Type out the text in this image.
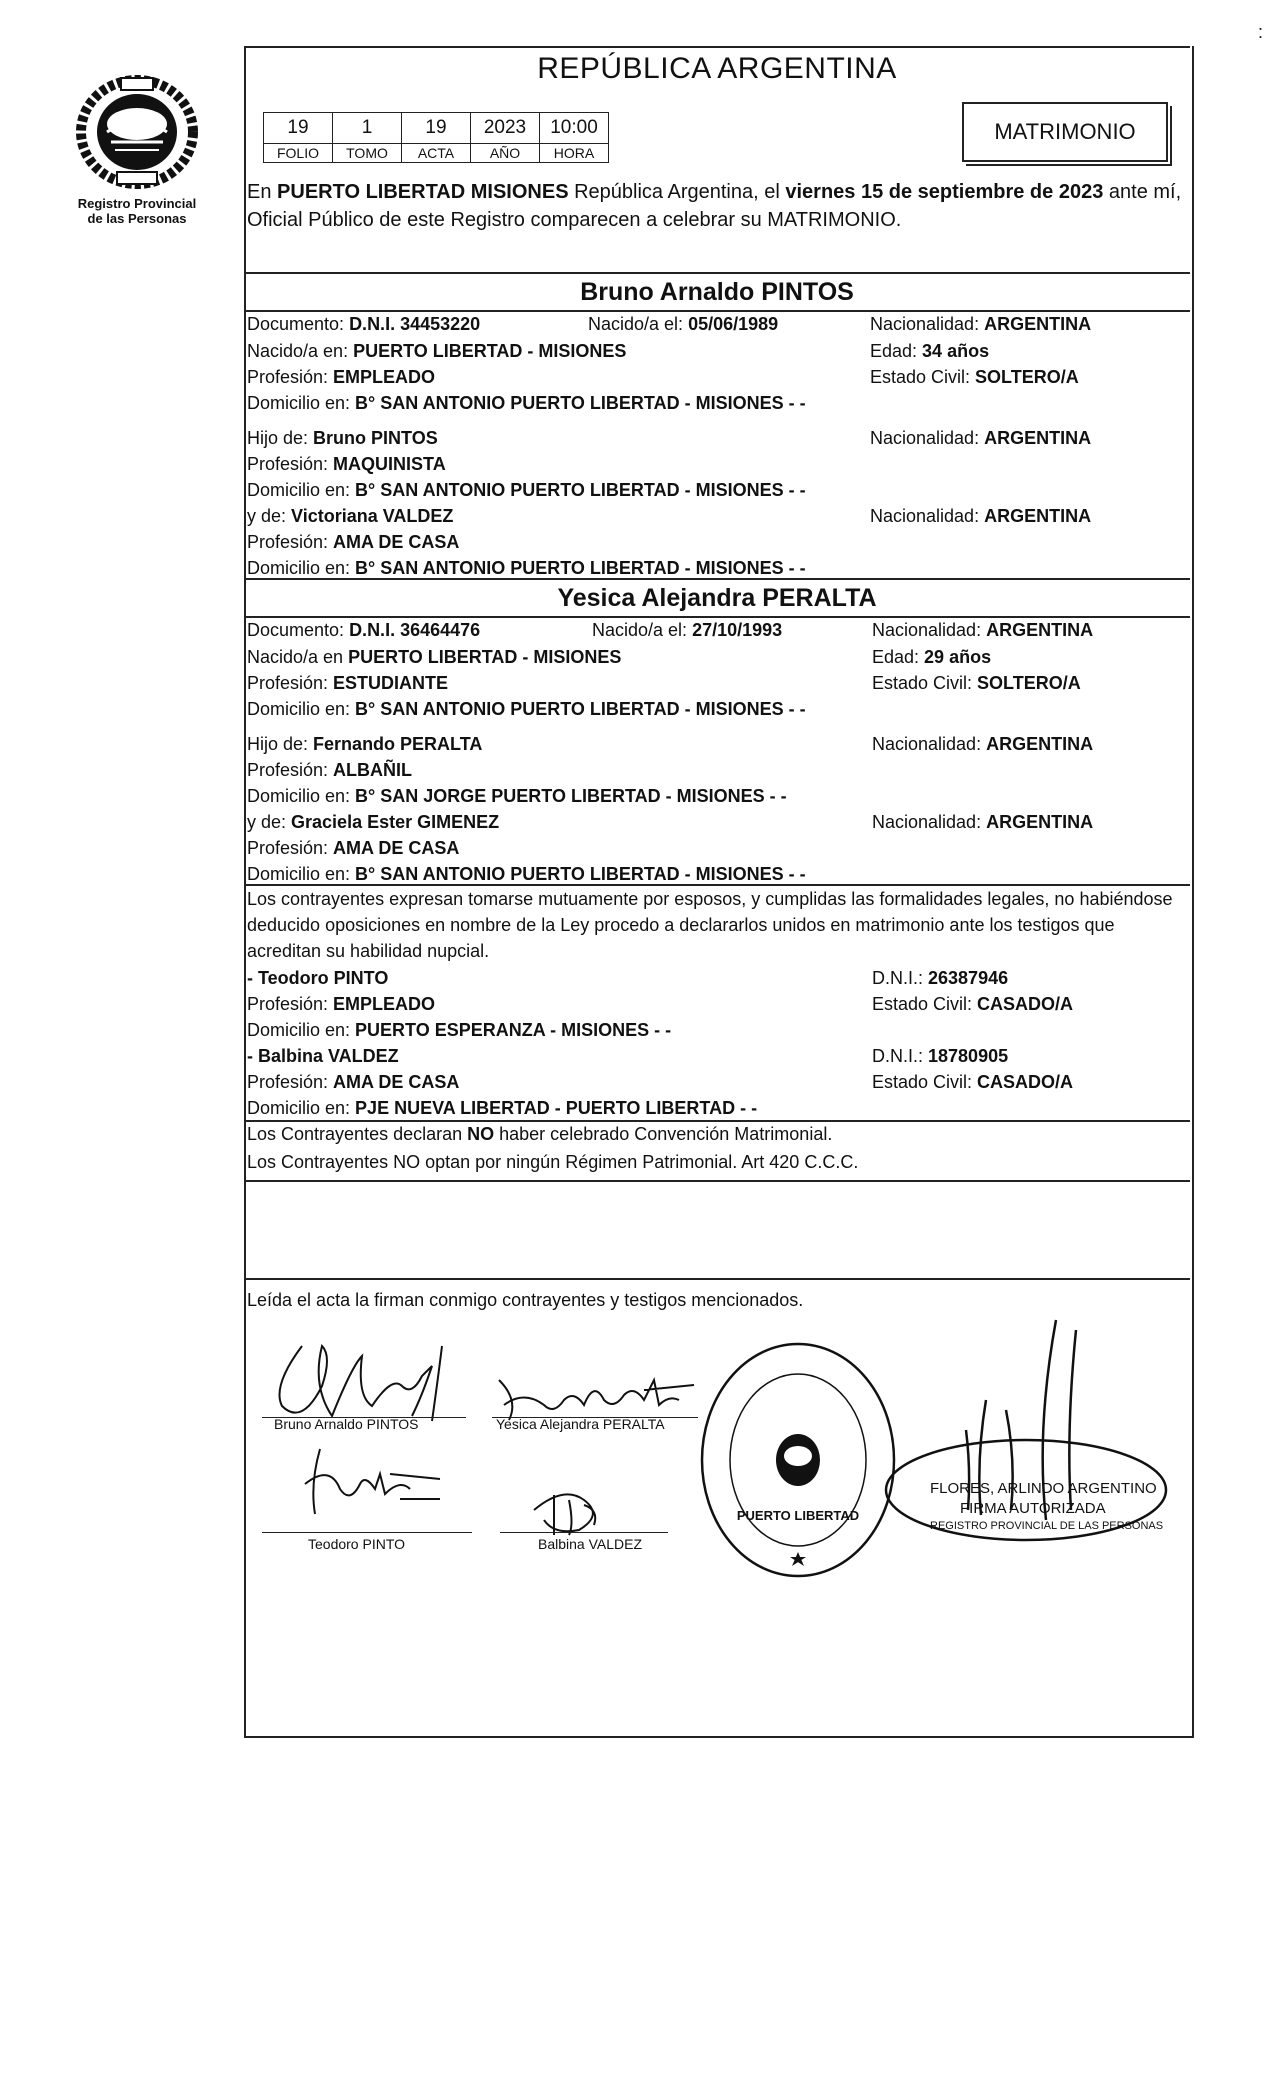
:
Registro Provincial
de las Personas
REPÚBLICA ARGENTINA
19	1	19	2023	10:00
FOLIO	TOMO	ACTA	AÑO	HORA
MATRIMONIO
En PUERTO LIBERTAD MISIONES República Argentina, el viernes 15 de septiembre de 2023 ante mí, Oficial Público de este Registro comparecen a celebrar su MATRIMONIO.
Bruno Arnaldo PINTOS
Documento: D.N.I. 34453220	Nacido/a el: 05/06/1989	Nacionalidad: ARGENTINA
Nacido/a en: PUERTO LIBERTAD - MISIONES	Edad: 34 años
Profesión: EMPLEADO	Estado Civil: SOLTERO/A
Domicilio en: B° SAN ANTONIO PUERTO LIBERTAD - MISIONES - -
Hijo de: Bruno PINTOS	Nacionalidad: ARGENTINA
Profesión: MAQUINISTA
Domicilio en: B° SAN ANTONIO PUERTO LIBERTAD - MISIONES - -
y de: Victoriana VALDEZ	Nacionalidad: ARGENTINA
Profesión: AMA DE CASA
Domicilio en: B° SAN ANTONIO PUERTO LIBERTAD - MISIONES - -
Yesica Alejandra PERALTA
Documento: D.N.I. 36464476	Nacido/a el: 27/10/1993	Nacionalidad: ARGENTINA
Nacido/a en PUERTO LIBERTAD - MISIONES	Edad: 29 años
Profesión: ESTUDIANTE	Estado Civil: SOLTERO/A
Domicilio en: B° SAN ANTONIO PUERTO LIBERTAD - MISIONES - -
Hijo de: Fernando PERALTA	Nacionalidad: ARGENTINA
Profesión: ALBAÑIL
Domicilio en: B° SAN JORGE PUERTO LIBERTAD - MISIONES - -
y de: Graciela Ester GIMENEZ	Nacionalidad: ARGENTINA
Profesión: AMA DE CASA
Domicilio en: B° SAN ANTONIO PUERTO LIBERTAD - MISIONES - -
Los contrayentes expresan tomarse mutuamente por esposos, y cumplidas las formalidades legales, no habiéndose deducido oposiciones en nombre de la Ley procedo a declararlos unidos en matrimonio ante los testigos que acreditan su habilidad nupcial.
- Teodoro PINTO	D.N.I.: 26387946
Profesión: EMPLEADO	Estado Civil: CASADO/A
Domicilio en: PUERTO ESPERANZA - MISIONES - -
- Balbina VALDEZ	D.N.I.: 18780905
Profesión: AMA DE CASA	Estado Civil: CASADO/A
Domicilio en: PJE NUEVA LIBERTAD - PUERTO LIBERTAD - -
Los Contrayentes declaran NO haber celebrado Convención Matrimonial.
Los Contrayentes NO optan por ningún Régimen Patrimonial. Art 420 C.C.C.
Leída el acta la firman conmigo contrayentes y testigos mencionados.
Bruno Arnaldo PINTOS	Yesica Alejandra PERALTA
Teodoro PINTO	Balbina VALDEZ
PUERTO LIBERTAD
FLORES, ARLINDO ARGENTINO
FIRMA AUTORIZADA
REGISTRO PROVINCIAL DE LAS PERSONAS
